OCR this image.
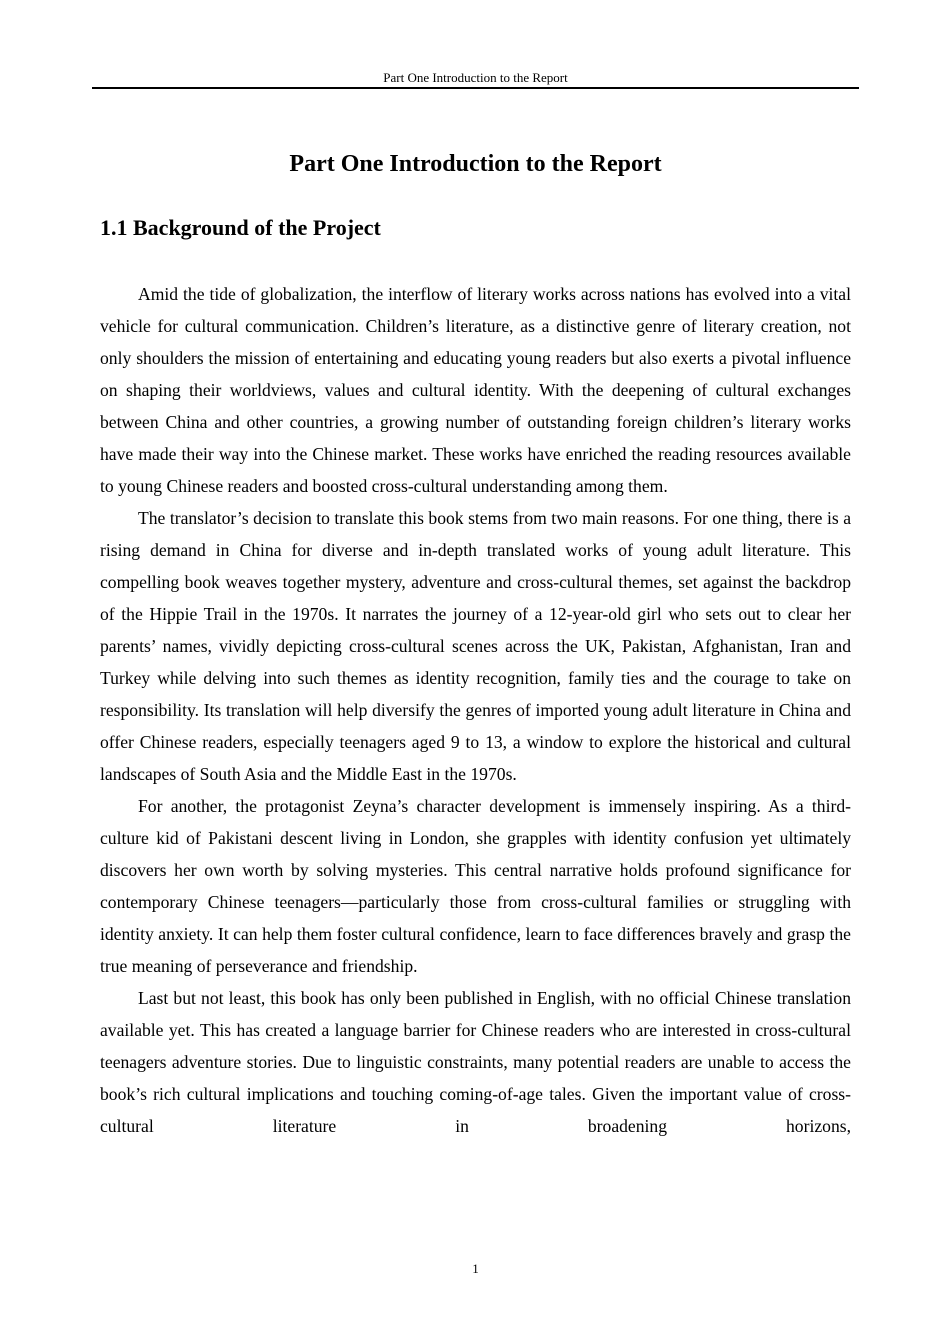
Part One Introduction to the Report
Part One Introduction to the Report
1.1 Background of the Project

Amid the tide of globalization, the interflow of literary works across nations has evolved into a vital vehicle for cultural communication. Children’s literature, as a distinctive genre of literary creation, not only shoulders the mission of entertaining and educating young readers but also exerts a pivotal influence on shaping their worldviews, values and cultural identity. With the deepening of cultural exchanges between China and other countries, a growing number of outstanding foreign children’s literary works have made their way into the Chinese market. These works have enriched the reading resources available to young Chinese readers and boosted cross-cultural understanding among them.

The translator’s decision to translate this book stems from two main reasons. For one thing, there is a rising demand in China for diverse and in-depth translated works of young adult literature. This compelling book weaves together mystery, adventure and cross-cultural themes, set against the backdrop of the Hippie Trail in the 1970s. It narrates the journey of a 12-year-old girl who sets out to clear her parents’ names, vividly depicting cross-cultural scenes across the UK, Pakistan, Afghanistan, Iran and Turkey while delving into such themes as identity recognition, family ties and the courage to take on responsibility. Its translation will help diversify the genres of imported young adult literature in China and offer Chinese readers, especially teenagers aged 9 to 13, a window to explore the historical and cultural landscapes of South Asia and the Middle East in the 1970s.

For another, the protagonist Zeyna’s character development is immensely inspiring. As a third-culture kid of Pakistani descent living in London, she grapples with identity confusion yet ultimately discovers her own worth by solving mysteries. This central narrative holds profound significance for contemporary Chinese teenagers—particularly those from cross-cultural families or struggling with identity anxiety. It can help them foster cultural confidence, learn to face differences bravely and grasp the true meaning of perseverance and friendship.

Last but not least, this book has only been published in English, with no official Chinese translation available yet. This has created a language barrier for Chinese readers who are interested in cross-cultural teenagers adventure stories. Due to linguistic constraints, many potential readers are unable to access the book’s rich cultural implications and touching coming-of-age tales. Given the important value of cross-cultural literature in broadening horizons,

1
